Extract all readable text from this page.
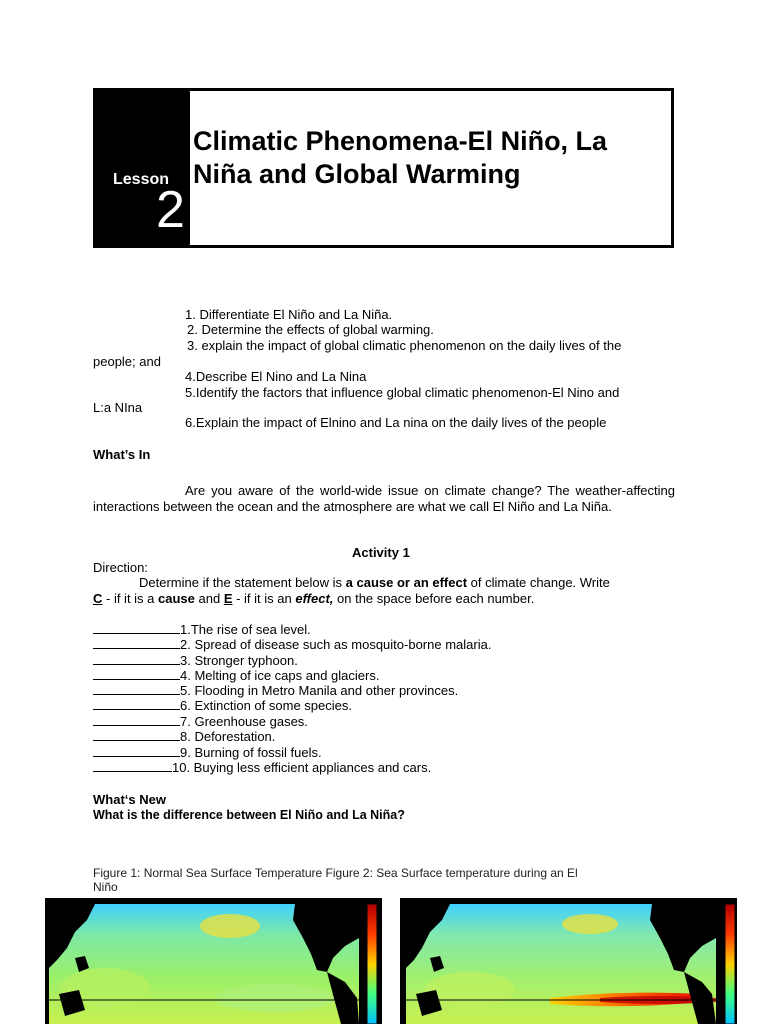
Lesson
2
Climatic Phenomena-El Niño, La
Niña and Global Warming
1. Differentiate El Niño and La Niña.
2. Determine the effects of global warming.
3. explain the impact of global climatic phenomenon on the daily lives of the
people; and
4.Describe El Nino and La Nina
5.Identify the factors that influence global climatic phenomenon-El Nino and
L:a NIna
6.Explain the impact of Elnino and La nina on the daily lives of the people
What’s In
Are you aware of the world-wide issue on climate change? The weather-affecting interactions between the ocean and the atmosphere are what we call El Niño and La Niña.
Activity 1
Direction:
Determine if the statement below is a cause or an effect of climate change. Write
C - if it is a cause and E - if it is an effect, on the space before each number.
1.The rise of sea level.
2. Spread of disease such as mosquito-borne malaria.
3. Stronger typhoon.
4. Melting of ice caps and glaciers.
5. Flooding in Metro Manila and other provinces.
6. Extinction of some species.
7. Greenhouse gases.
8. Deforestation.
9. Burning of fossil fuels.
10. Buying less efficient appliances and cars.
What‘s New
What is the difference between El Niño and La Niña?
Figure 1: Normal Sea Surface Temperature Figure 2: Sea Surface temperature during an El
Niño
